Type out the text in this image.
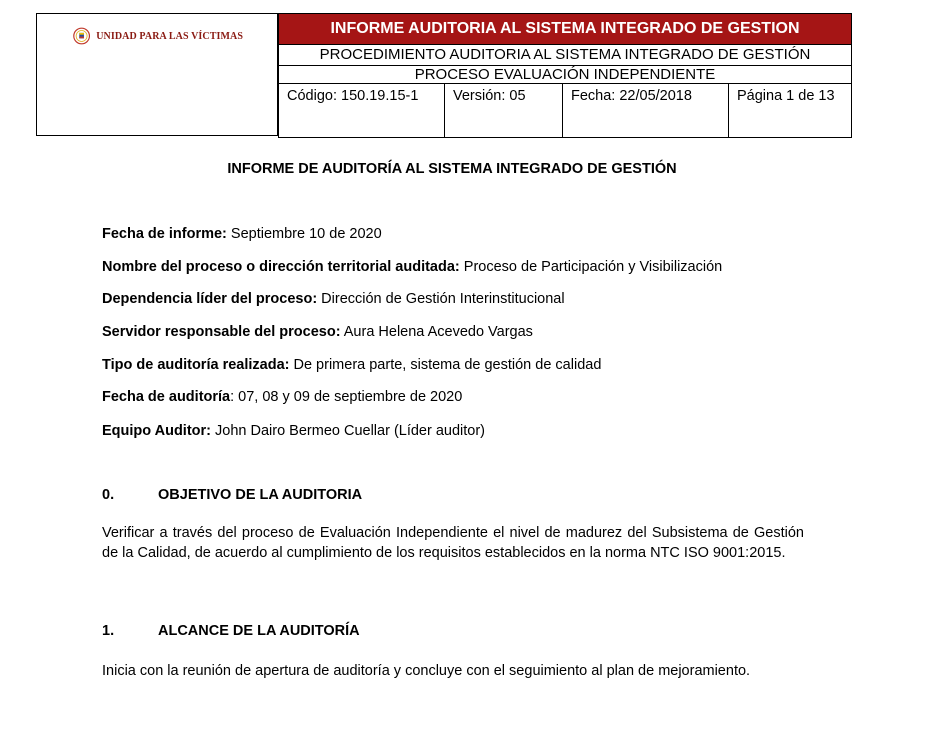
UNIDAD PARA LAS VÍCTIMAS	INFORME AUDITORIA AL SISTEMA INTEGRADO DE GESTION
PROCEDIMIENTO AUDITORIA AL SISTEMA INTEGRADO DE GESTIÓN
PROCESO EVALUACIÓN INDEPENDIENTE
Código: 150.19.15-1	Versión: 05	Fecha: 22/05/2018	Página 1 de 13
INFORME DE AUDITORÍA AL SISTEMA INTEGRADO DE GESTIÓN
Fecha de informe: Septiembre 10 de 2020
Nombre del proceso o dirección territorial auditada: Proceso de Participación y Visibilización
Dependencia líder del proceso: Dirección de Gestión Interinstitucional
Servidor responsable del proceso: Aura Helena Acevedo Vargas
Tipo de auditoría realizada: De primera parte, sistema de gestión de calidad
Fecha de auditoría: 07, 08 y 09 de septiembre de 2020
Equipo Auditor: John Dairo Bermeo Cuellar (Líder auditor)
0.	OBJETIVO DE LA AUDITORIA
Verificar a través del proceso de Evaluación Independiente el nivel de madurez del Subsistema de Gestión de la Calidad, de acuerdo al cumplimiento de los requisitos establecidos en la norma NTC ISO 9001:2015.
1.	ALCANCE DE LA AUDITORÍA
Inicia con la reunión de apertura de auditoría y concluye con el seguimiento al plan de mejoramiento.
